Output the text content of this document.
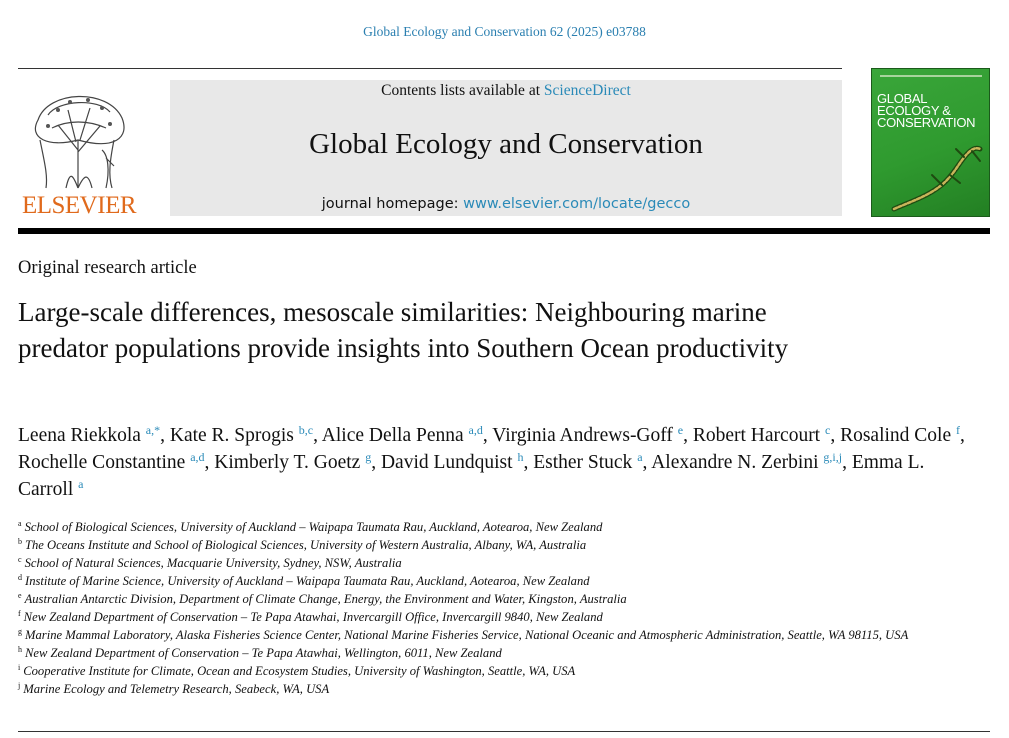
Global Ecology and Conservation 62 (2025) e03788
ELSEVIER
Contents lists available at ScienceDirect
Global Ecology and Conservation
journal homepage: www.elsevier.com/locate/gecco
GLOBAL ECOLOGY & CONSERVATION
Original research article
Large-scale differences, mesoscale similarities: Neighbouring marine predator populations provide insights into Southern Ocean productivity
Leena Riekkola $^{a,*}$, Kate R. Sprogis $^{b,c}$, Alice Della Penna $^{a,d}$, Virginia Andrews-Goff $^e$, Robert Harcourt $^c$, Rosalind Cole $^f$, Rochelle Constantine $^{a,d}$, Kimberly T. Goetz $^g$, David Lundquist $^h$, Esther Stuck $^a$, Alexandre N. Zerbini $^{g,i,j}$, Emma L. Carroll $^a$
$^a$ School of Biological Sciences, University of Auckland – Waipapa Taumata Rau, Auckland, Aotearoa, New Zealand
$^b$ The Oceans Institute and School of Biological Sciences, University of Western Australia, Albany, WA, Australia
$^c$ School of Natural Sciences, Macquarie University, Sydney, NSW, Australia
$^d$ Institute of Marine Science, University of Auckland – Waipapa Taumata Rau, Auckland, Aotearoa, New Zealand
$^e$ Australian Antarctic Division, Department of Climate Change, Energy, the Environment and Water, Kingston, Australia
$^f$ New Zealand Department of Conservation – Te Papa Atawhai, Invercargill Office, Invercargill 9840, New Zealand
$^g$ Marine Mammal Laboratory, Alaska Fisheries Science Center, National Marine Fisheries Service, National Oceanic and Atmospheric Administration, Seattle, WA 98115, USA
$^h$ New Zealand Department of Conservation – Te Papa Atawhai, Wellington, 6011, New Zealand
$^i$ Cooperative Institute for Climate, Ocean and Ecosystem Studies, University of Washington, Seattle, WA, USA
$^j$ Marine Ecology and Telemetry Research, Seabeck, WA, USA
